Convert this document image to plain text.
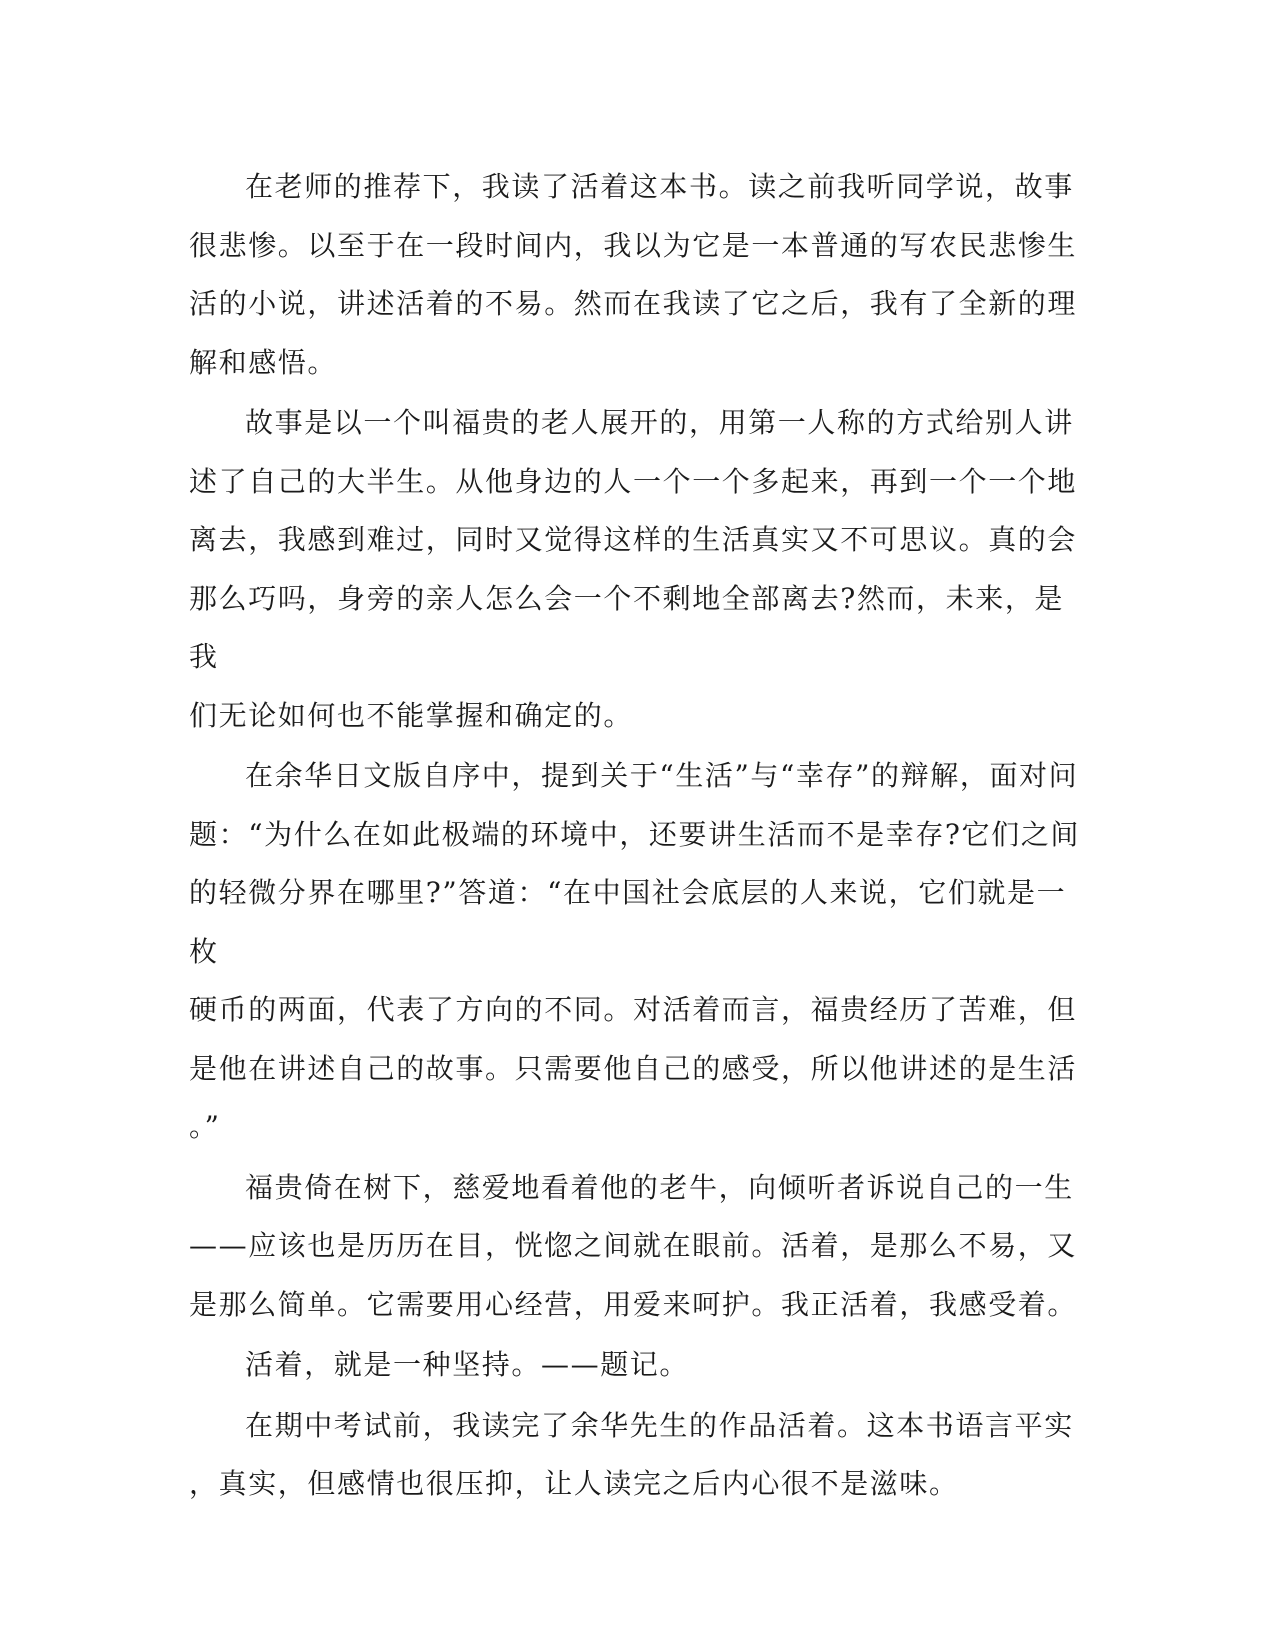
在老师的推荐下，我读了活着这本书。读之前我听同学说，故事
很悲惨。以至于在一段时间内，我以为它是一本普通的写农民悲惨生
活的小说，讲述活着的不易。然而在我读了它之后，我有了全新的理
解和感悟。

故事是以一个叫福贵的老人展开的，用第一人称的方式给别人讲
述了自己的大半生。从他身边的人一个一个多起来，再到一个一个地
离去，我感到难过，同时又觉得这样的生活真实又不可思议。真的会
那么巧吗，身旁的亲人怎么会一个不剩地全部离去?然而，未来，是我
们无论如何也不能掌握和确定的。

在余华日文版自序中，提到关于“生活”与“幸存”的辩解，面对问
题：“为什么在如此极端的环境中，还要讲生活而不是幸存?它们之间
的轻微分界在哪里?”答道：“在中国社会底层的人来说，它们就是一枚
硬币的两面，代表了方向的不同。对活着而言，福贵经历了苦难，但
是他在讲述自己的故事。只需要他自己的感受，所以他讲述的是生活
。”

福贵倚在树下，慈爱地看着他的老牛，向倾听者诉说自己的一生
——应该也是历历在目，恍惚之间就在眼前。活着，是那么不易，又
是那么简单。它需要用心经营，用爱来呵护。我正活着，我感受着。

活着，就是一种坚持。——题记。

在期中考试前，我读完了余华先生的作品活着。这本书语言平实
，真实，但感情也很压抑，让人读完之后内心很不是滋味。
